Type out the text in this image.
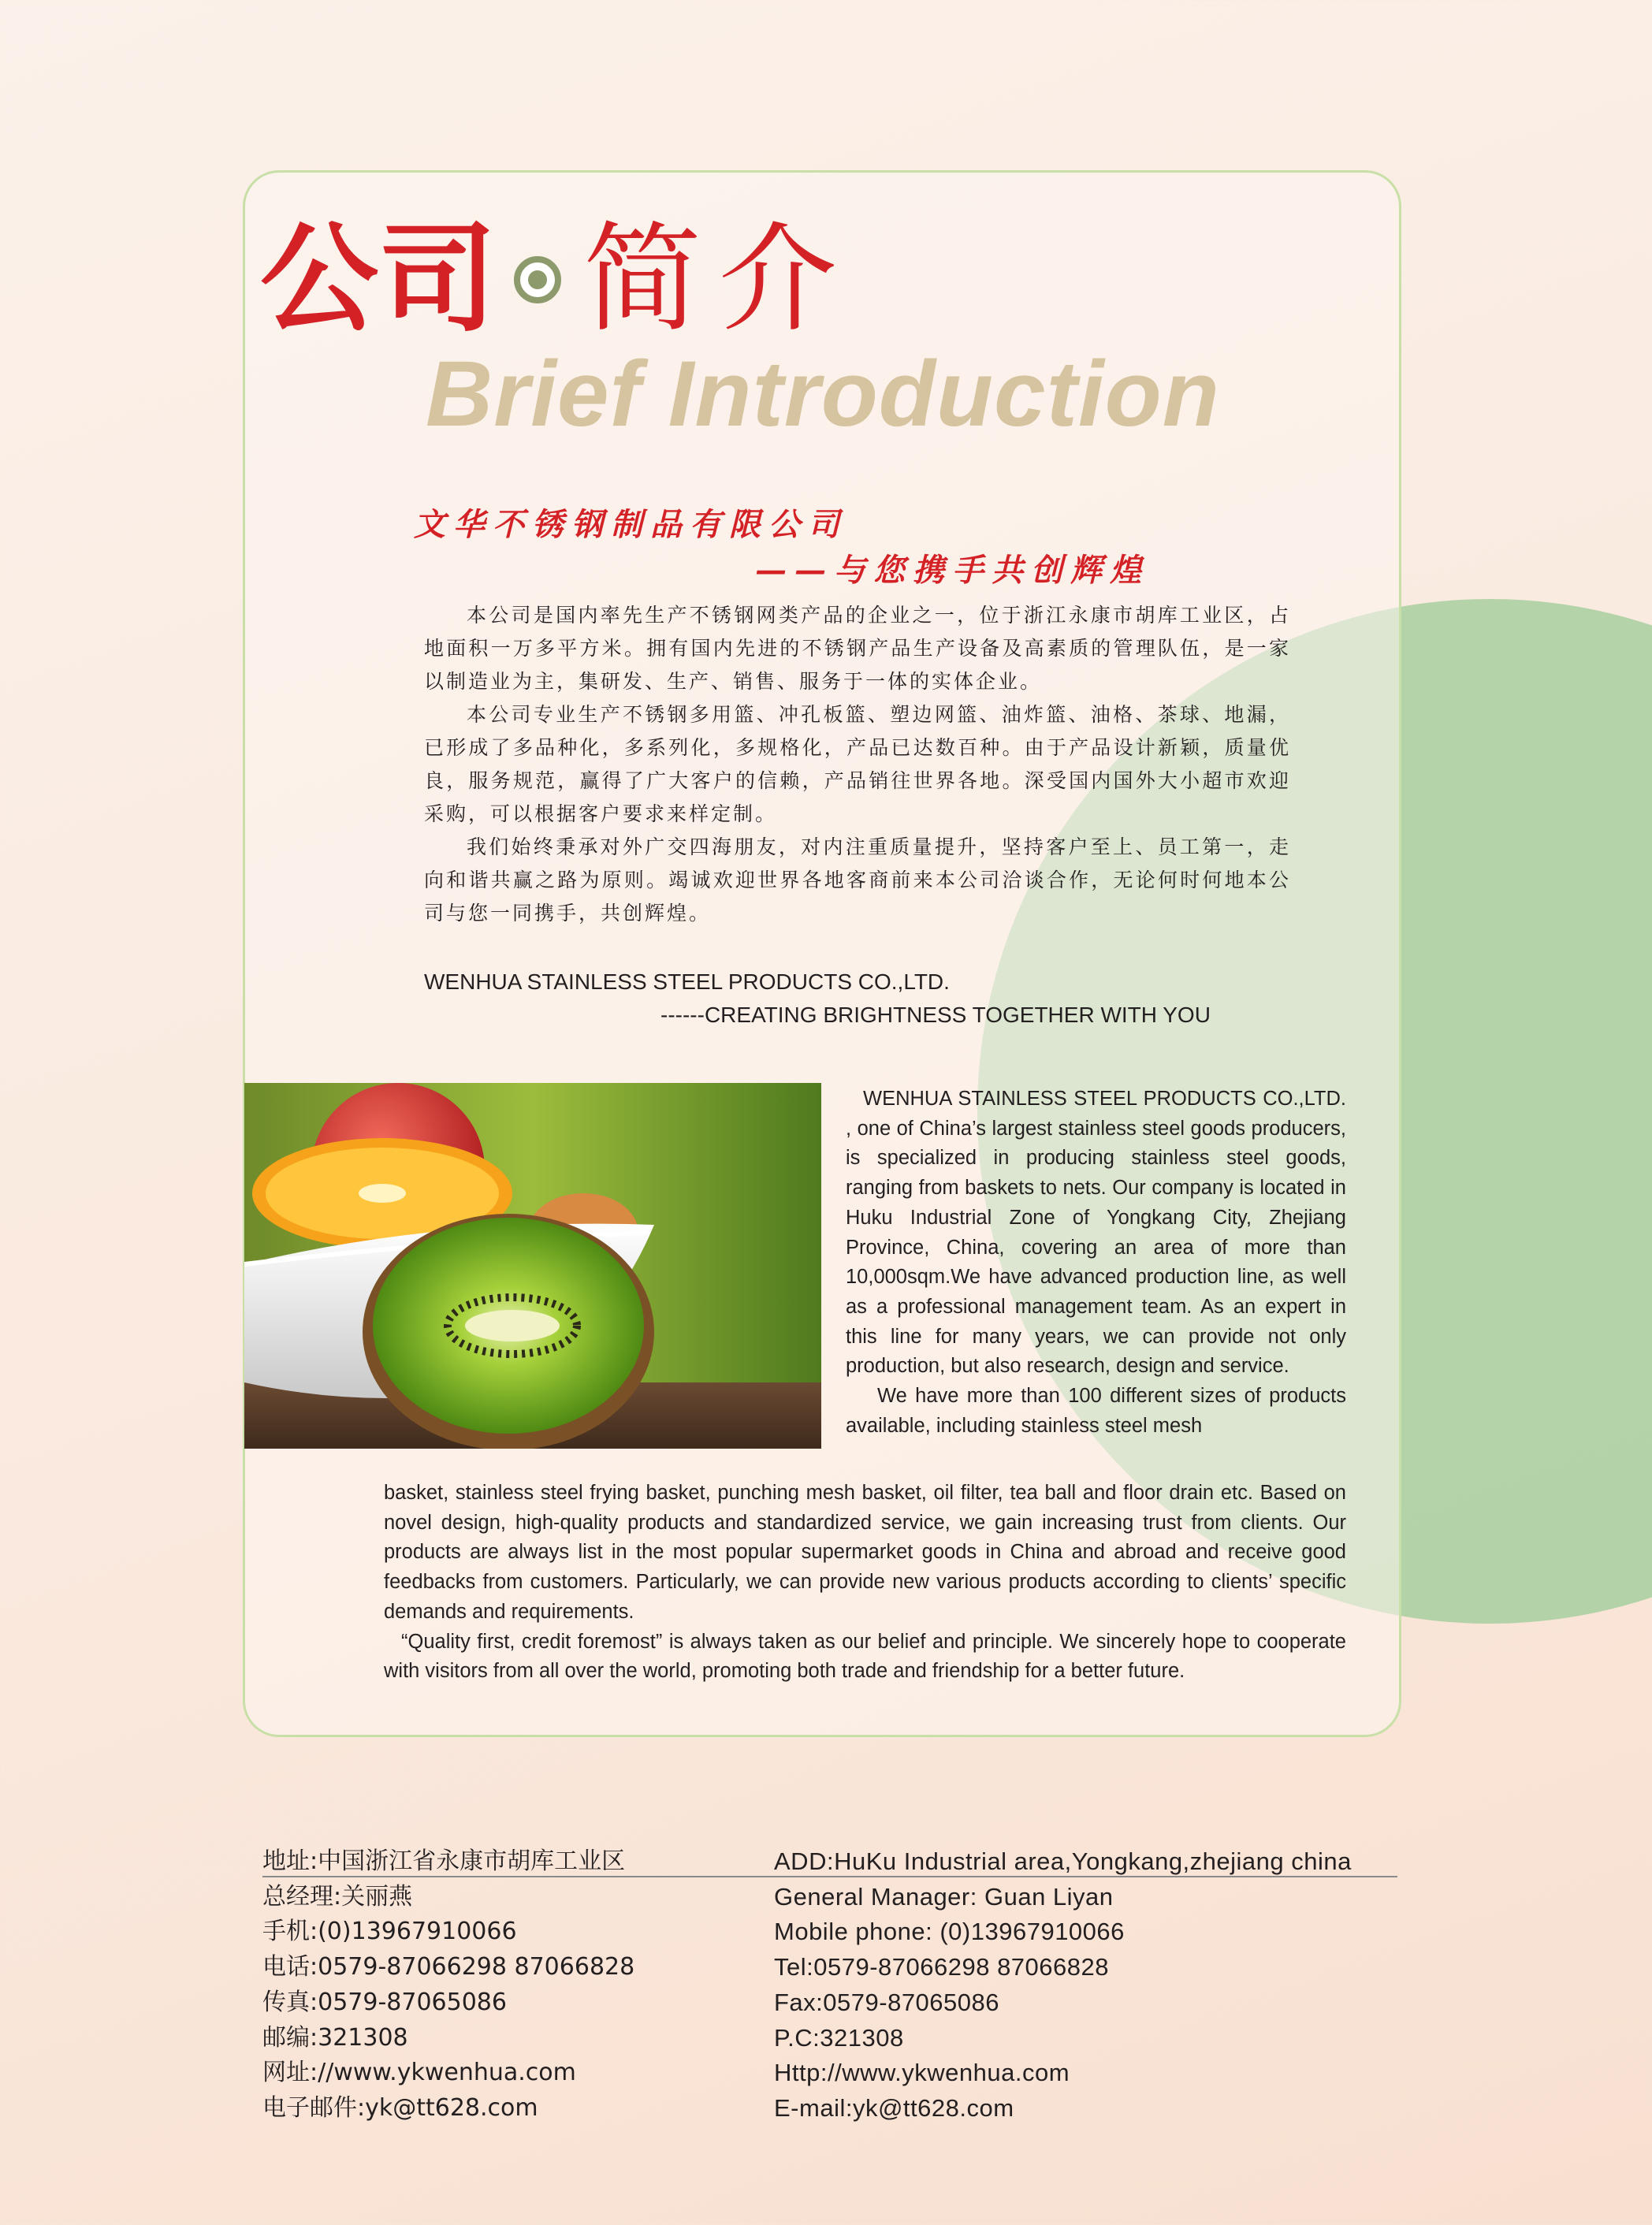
公司 简介
Brief Introduction
文华不锈钢制品有限公司
——与您携手共创辉煌

本公司是国内率先生产不锈钢网类产品的企业之一，位于浙江永康市胡库工业区，占地面积一万多平方米。拥有国内先进的不锈钢产品生产设备及高素质的管理队伍，是一家以制造业为主，集研发、生产、销售、服务于一体的实体企业。

本公司专业生产不锈钢多用篮、冲孔板篮、塑边网篮、油炸篮、油格、茶球、地漏，已形成了多品种化，多系列化，多规格化，产品已达数百种。由于产品设计新颖，质量优良，服务规范，赢得了广大客户的信赖，产品销往世界各地。深受国内国外大小超市欢迎采购，可以根据客户要求来样定制。

我们始终秉承对外广交四海朋友，对内注重质量提升，坚持客户至上、员工第一，走向和谐共赢之路为原则。竭诚欢迎世界各地客商前来本公司洽谈合作，无论何时何地本公司与您一同携手，共创辉煌。

WENHUA STAINLESS STEEL PRODUCTS CO.,LTD.
------CREATING BRIGHTNESS TOGETHER WITH YOU

WENHUA STAINLESS STEEL PRODUCTS CO.,LTD. , one of China’s largest stainless steel goods producers, is specialized in producing stainless steel goods, ranging from baskets to nets. Our company is located in Huku Industrial Zone of Yongkang City, Zhejiang Province, China, covering an area of more than 10,000sqm.We have advanced production line, as well as a professional management team. As an expert in this line for many years, we can provide not only production, but also research, design and service.

We have more than 100 different sizes of products available, including stainless steel mesh

basket, stainless steel frying basket, punching mesh basket, oil filter, tea ball and floor drain etc. Based on novel design, high-quality products and standardized service, we gain increasing trust from clients. Our products are always list in the most popular supermarket goods in China and abroad and receive good feedbacks from customers. Particularly, we can provide new various products according to clients’ specific demands and requirements.

“Quality first, credit foremost” is always taken as our belief and principle. We sincerely hope to cooperate with visitors from all over the world, promoting both trade and friendship for a better future.

地址:中国浙江省永康市胡库工业区
总经理:关丽燕
手机:(0)13967910066
电话:0579-87066298 87066828
传真:0579-87065086
邮编:321308
网址://www.ykwenhua.com
电子邮件:yk@tt628.com
ADD:HuKu Industrial area,Yongkang,zhejiang china
General Manager: Guan Liyan
Mobile phone: (0)13967910066
Tel:0579-87066298 87066828
Fax:0579-87065086
P.C:321308
Http://www.ykwenhua.com
E-mail:yk@tt628.com
